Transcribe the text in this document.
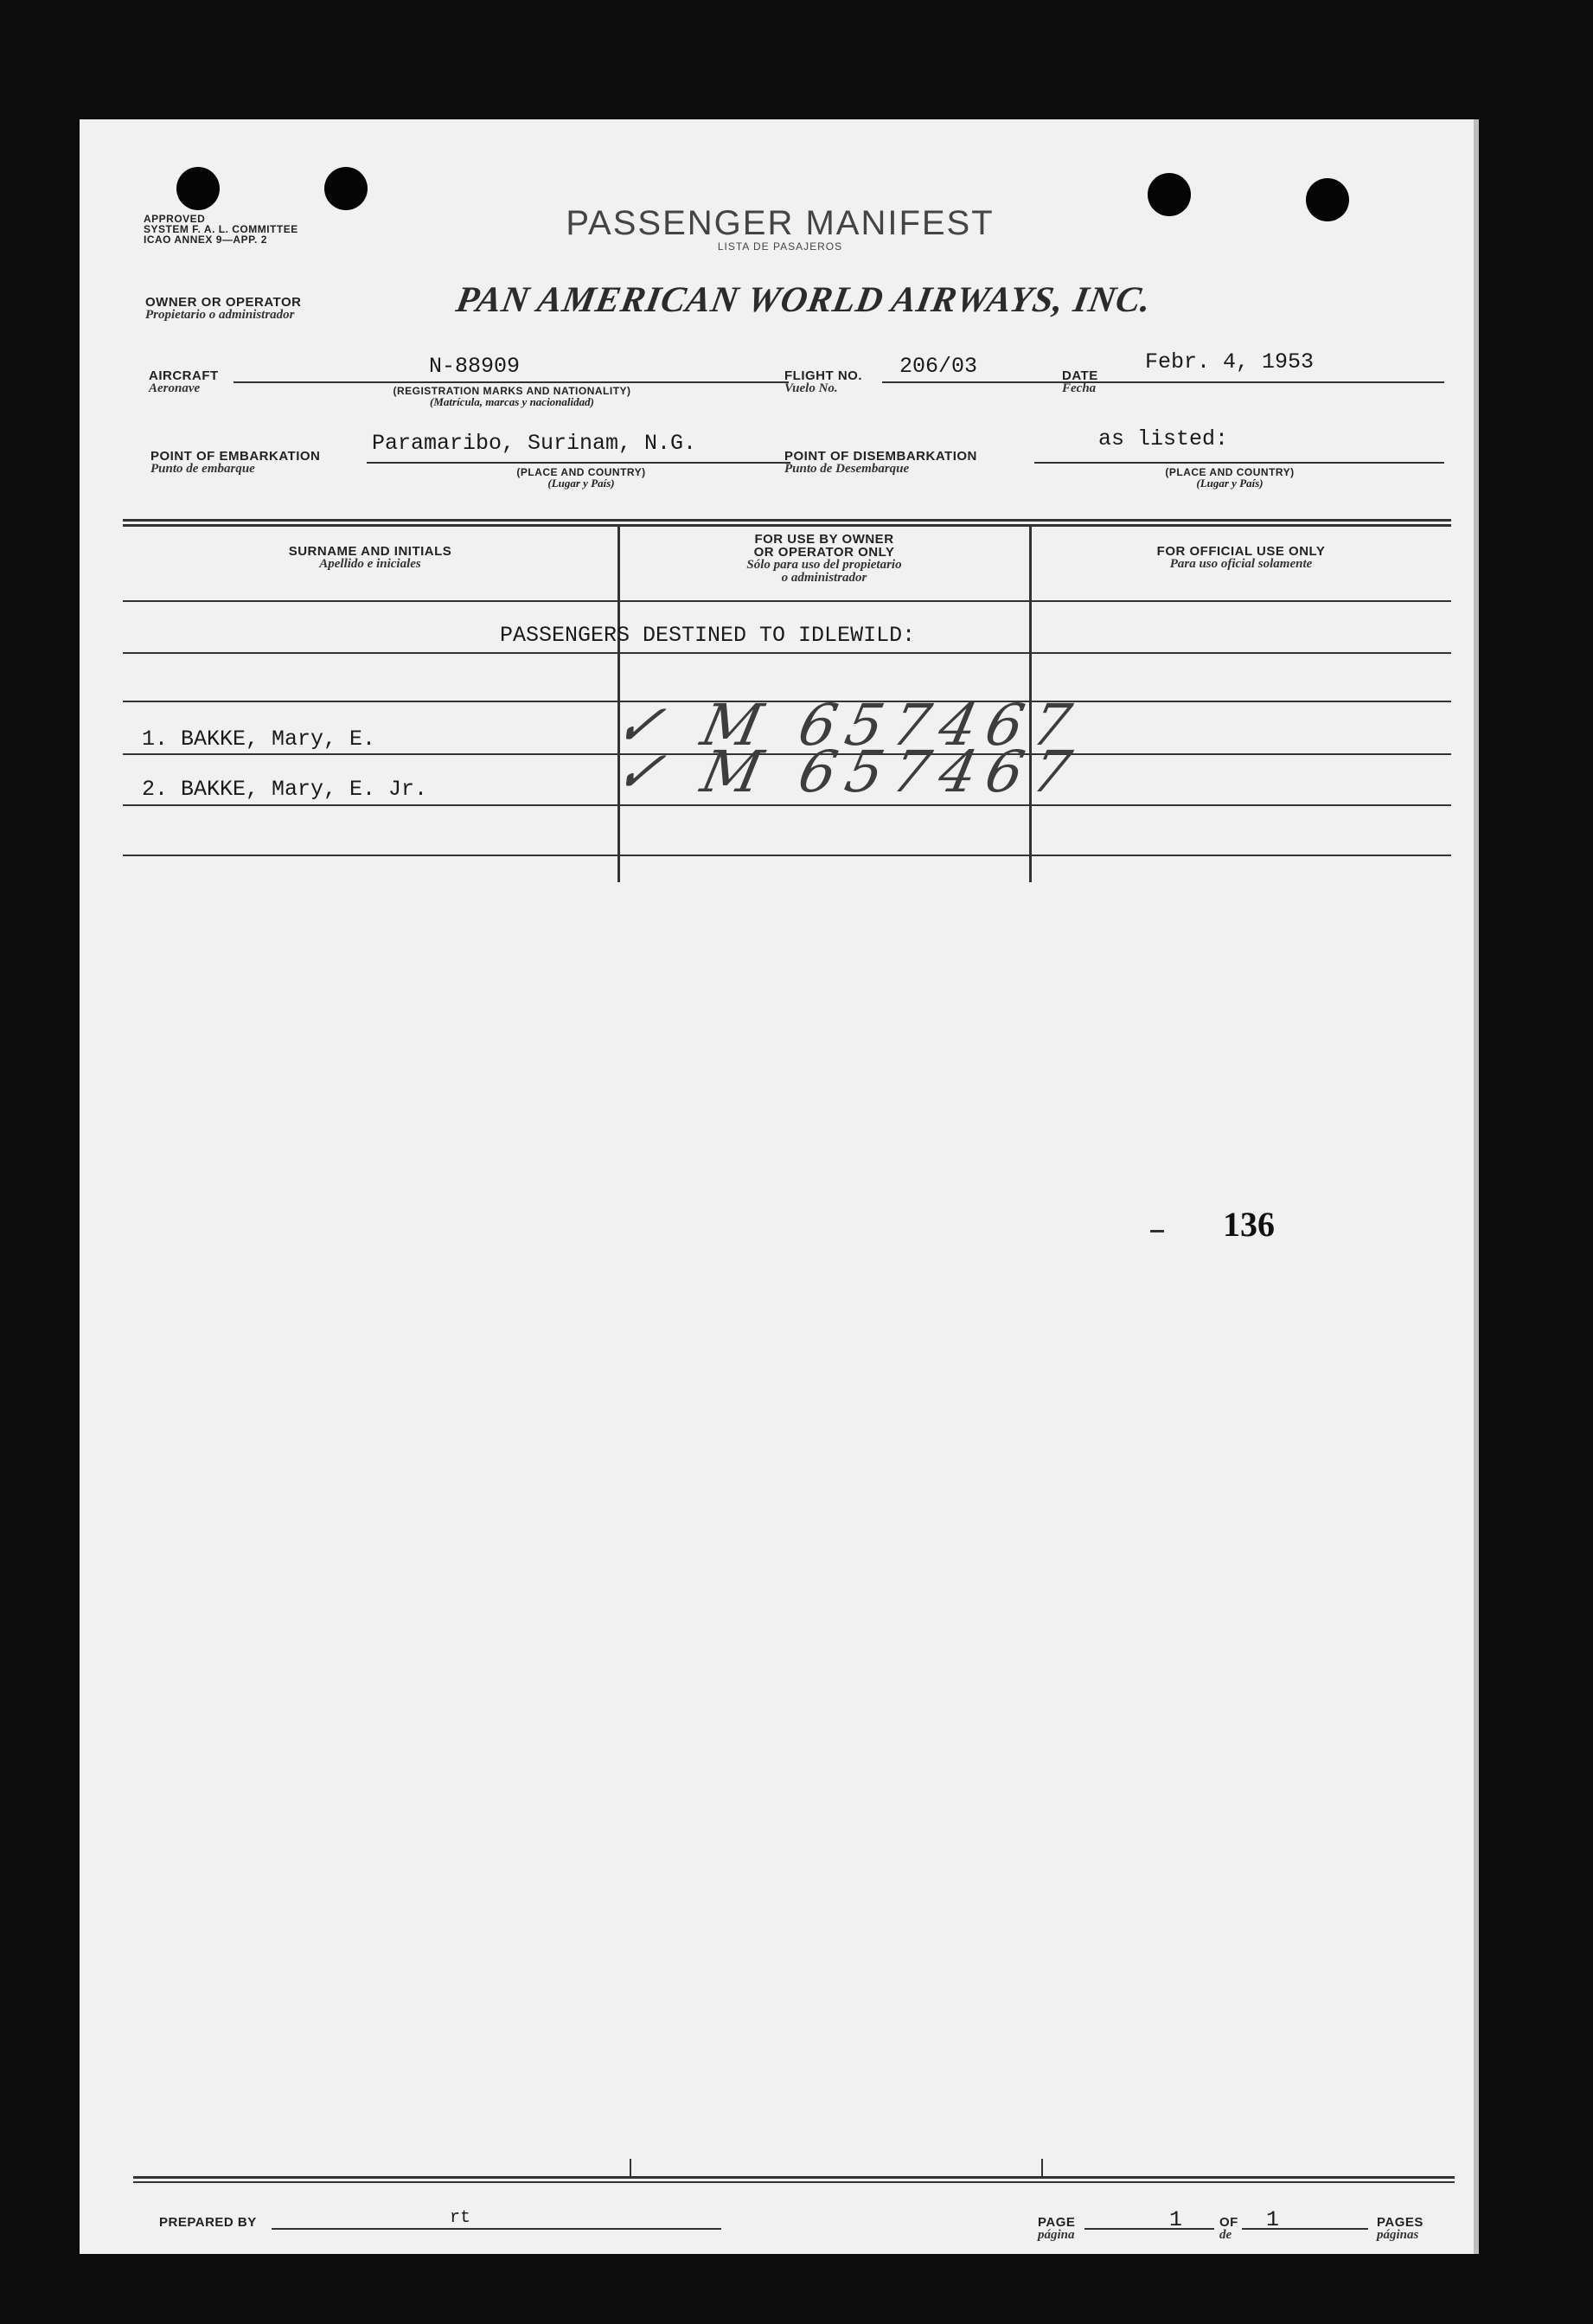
APPROVED
SYSTEM F. A. L. COMMITTEE
ICAO ANNEX 9—APP. 2	PASSENGER MANIFEST
LISTA DE PASAJEROS
OWNER OR OPERATOR
Propietario o administrador	PAN AMERICAN WORLD AIRWAYS, INC.
AIRCRAFT
Aeronave
N-88909
(REGISTRATION MARKS AND NATIONALITY)
(Matrícula, marcas y nacionalidad)
FLIGHT NO.
Vuelo No.
206/03	DATE
Fecha
Febr. 4, 1953
POINT OF EMBARKATION
Punto de embarque
Paramaribo, Surinam, N.G.
(PLACE AND COUNTRY)
(Lugar y País)
POINT OF DISEMBARKATION
Punto de Desembarque
as listed:
(PLACE AND COUNTRY)
(Lugar y País)
SURNAME AND INITIALS
Apellido e iniciales
FOR USE BY OWNER
OR OPERATOR ONLY
Sólo para uso del propietario
o administrador
FOR OFFICIAL USE ONLY
Para uso oficial solamente
PASSENGERS DESTINED TO IDLEWILD:
1. BAKKE, Mary, E.	✓ M 657467
2. BAKKE, Mary, E. Jr.	✓ M 657467
136
PREPARED BY	rt	PAGE
página
1	OF
de
1	PAGES
páginas
